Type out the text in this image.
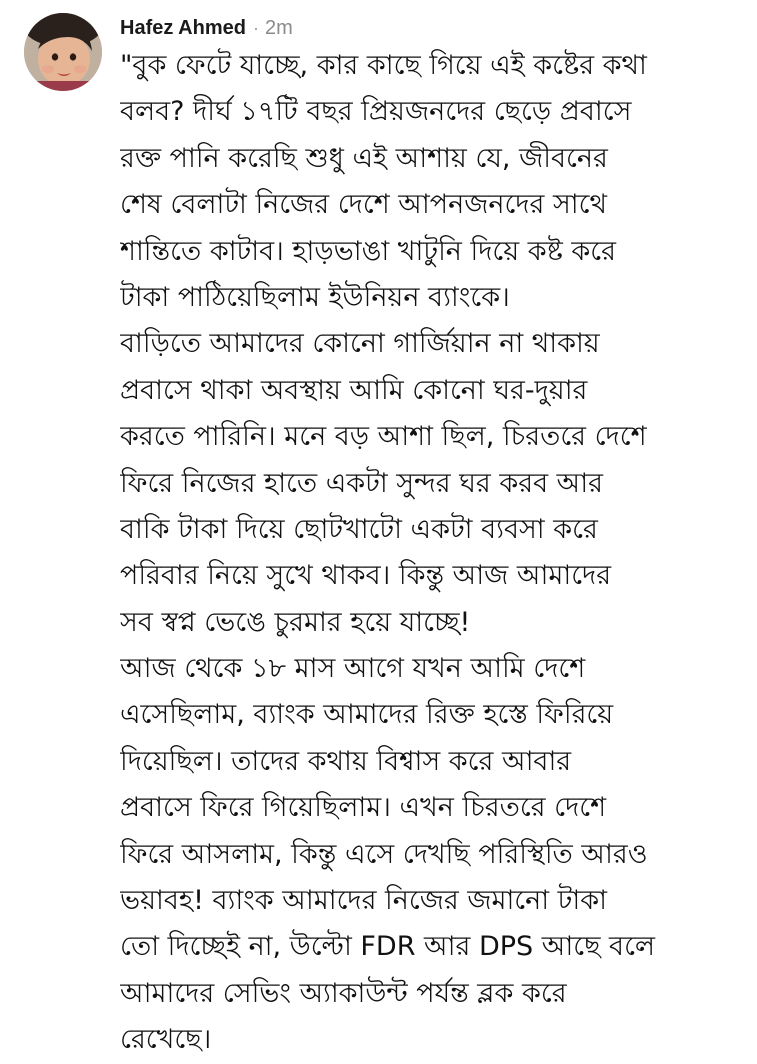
Hafez Ahmed · 2m
"বুক ফেটে যাচ্ছে, কার কাছে গিয়ে এই কষ্টের কথা
বলব? দীর্ঘ ১৭টি বছর প্রিয়জনদের ছেড়ে প্রবাসে
রক্ত পানি করেছি শুধু এই আশায় যে, জীবনের
শেষ বেলাটা নিজের দেশে আপনজনদের সাথে
শান্তিতে কাটাব। হাড়ভাঙা খাটুনি দিয়ে কষ্ট করে
টাকা পাঠিয়েছিলাম ইউনিয়ন ব্যাংকে।
বাড়িতে আমাদের কোনো গার্জিয়ান না থাকায়
প্রবাসে থাকা অবস্থায় আমি কোনো ঘর-দুয়ার
করতে পারিনি। মনে বড় আশা ছিল, চিরতরে দেশে
ফিরে নিজের হাতে একটা সুন্দর ঘর করব আর
বাকি টাকা দিয়ে ছোটখাটো একটা ব্যবসা করে
পরিবার নিয়ে সুখে থাকব। কিন্তু আজ আমাদের
সব স্বপ্ন ভেঙে চুরমার হয়ে যাচ্ছে!
আজ থেকে ১৮ মাস আগে যখন আমি দেশে
এসেছিলাম, ব্যাংক আমাদের রিক্ত হস্তে ফিরিয়ে
দিয়েছিল। তাদের কথায় বিশ্বাস করে আবার
প্রবাসে ফিরে গিয়েছিলাম। এখন চিরতরে দেশে
ফিরে আসলাম, কিন্তু এসে দেখছি পরিস্থিতি আরও
ভয়াবহ! ব্যাংক আমাদের নিজের জমানো টাকা
তো দিচ্ছেই না, উল্টো FDR আর DPS আছে বলে
আমাদের সেভিং অ্যাকাউন্ট পর্যন্ত ব্লক করে
রেখেছে।
